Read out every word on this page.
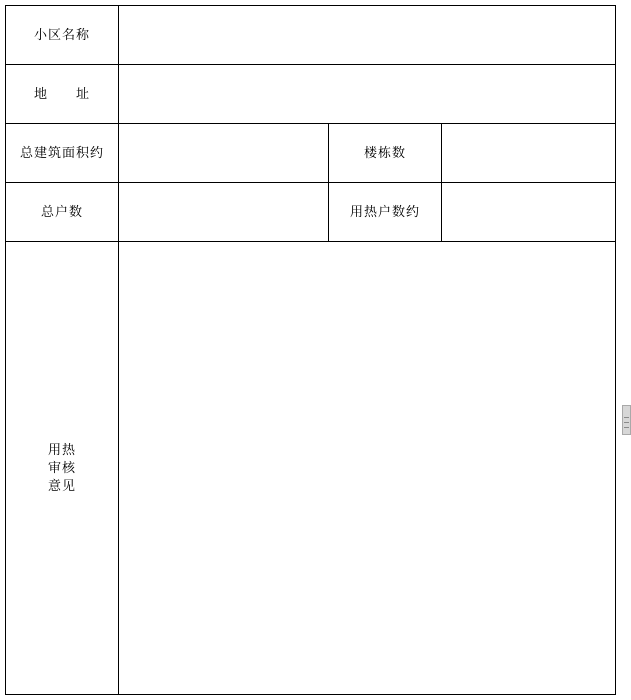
小区名称			
地　　址			
总建筑面积约		楼栋数	
总户数		用热户数约	

用热
审核
意见			
